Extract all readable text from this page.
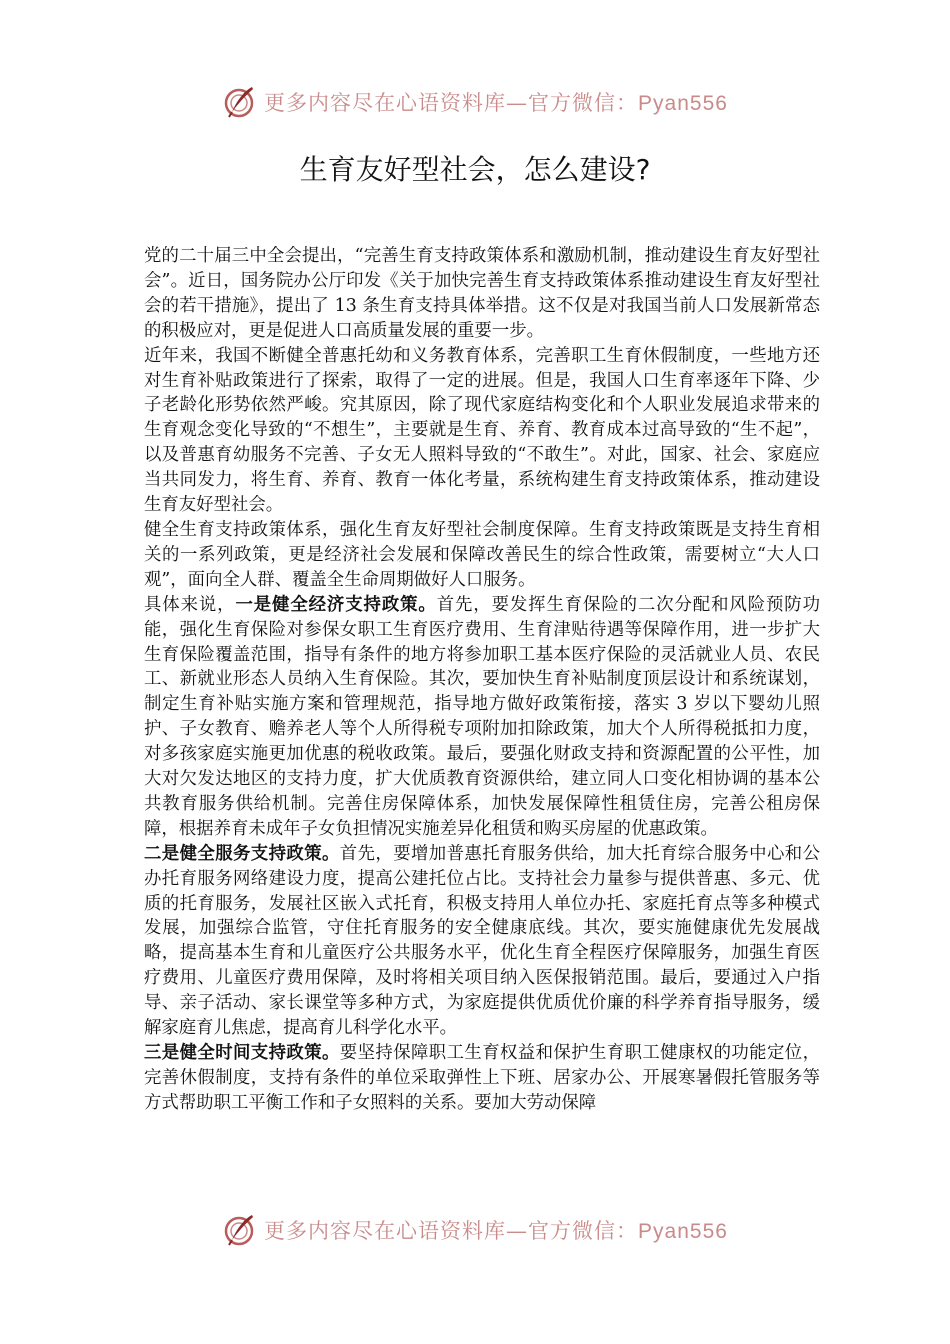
更多内容尽在心语资料库—官方微信：Pyan556
生育友好型社会，怎么建设?

党的二十届三中全会提出，“完善生育支持政策体系和激励机制，推动建设生育友好型社会”。近日，国务院办公厅印发《关于加快完善生育支持政策体系推动建设生育友好型社会的若干措施》，提出了 13 条生育支持具体举措。这不仅是对我国当前人口发展新常态的积极应对，更是促进人口高质量发展的重要一步。

近年来，我国不断健全普惠托幼和义务教育体系，完善职工生育休假制度，一些地方还对生育补贴政策进行了探索，取得了一定的进展。但是，我国人口生育率逐年下降、少子老龄化形势依然严峻。究其原因，除了现代家庭结构变化和个人职业发展追求带来的生育观念变化导致的“不想生”，主要就是生育、养育、教育成本过高导致的“生不起”，以及普惠育幼服务不完善、子女无人照料导致的“不敢生”。对此，国家、社会、家庭应当共同发力，将生育、养育、教育一体化考量，系统构建生育支持政策体系，推动建设生育友好型社会。

健全生育支持政策体系，强化生育友好型社会制度保障。生育支持政策既是支持生育相关的一系列政策，更是经济社会发展和保障改善民生的综合性政策，需要树立“大人口观”，面向全人群、覆盖全生命周期做好人口服务。

具体来说，一是健全经济支持政策。首先，要发挥生育保险的二次分配和风险预防功能，强化生育保险对参保女职工生育医疗费用、生育津贴待遇等保障作用，进一步扩大生育保险覆盖范围，指导有条件的地方将参加职工基本医疗保险的灵活就业人员、农民工、新就业形态人员纳入生育保险。其次，要加快生育补贴制度顶层设计和系统谋划，制定生育补贴实施方案和管理规范，指导地方做好政策衔接，落实 3 岁以下婴幼儿照护、子女教育、赡养老人等个人所得税专项附加扣除政策，加大个人所得税抵扣力度，对多孩家庭实施更加优惠的税收政策。最后，要强化财政支持和资源配置的公平性，加大对欠发达地区的支持力度，扩大优质教育资源供给，建立同人口变化相协调的基本公共教育服务供给机制。完善住房保障体系，加快发展保障性租赁住房，完善公租房保障，根据养育未成年子女负担情况实施差异化租赁和购买房屋的优惠政策。

二是健全服务支持政策。首先，要增加普惠托育服务供给，加大托育综合服务中心和公办托育服务网络建设力度，提高公建托位占比。支持社会力量参与提供普惠、多元、优质的托育服务，发展社区嵌入式托育，积极支持用人单位办托、家庭托育点等多种模式发展，加强综合监管，守住托育服务的安全健康底线。其次，要实施健康优先发展战略，提高基本生育和儿童医疗公共服务水平，优化生育全程医疗保障服务，加强生育医疗费用、儿童医疗费用保障，及时将相关项目纳入医保报销范围。最后，要通过入户指导、亲子活动、家长课堂等多种方式，为家庭提供优质优价廉的科学养育指导服务，缓解家庭育儿焦虑，提高育儿科学化水平。

三是健全时间支持政策。要坚持保障职工生育权益和保护生育职工健康权的功能定位，完善休假制度，支持有条件的单位采取弹性上下班、居家办公、开展寒暑假托管服务等方式帮助职工平衡工作和子女照料的关系。要加大劳动保障

更多内容尽在心语资料库—官方微信：Pyan556
